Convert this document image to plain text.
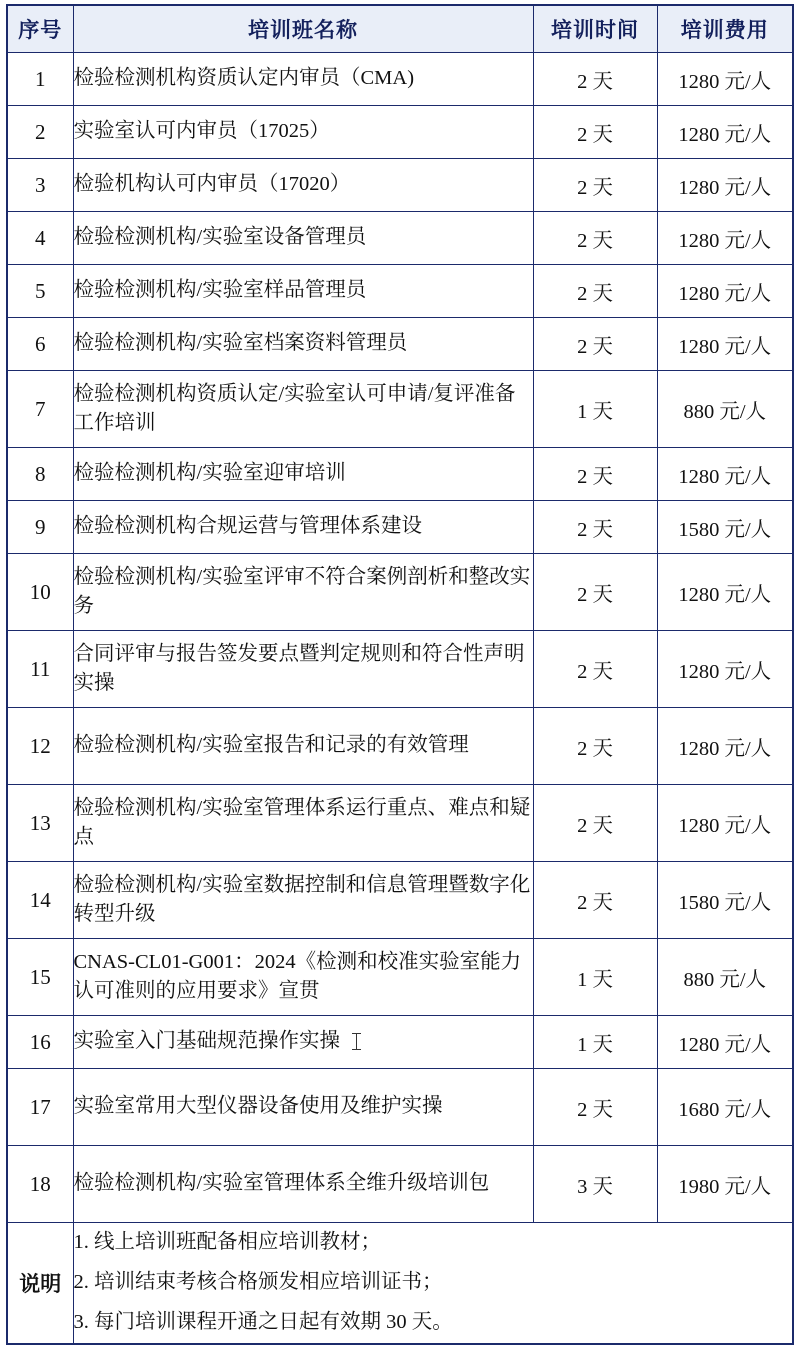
序号	培训班名称	培训时间	培训费用
1	检验检测机构资质认定内审员（CMA)	2 天	1280 元/人
2	实验室认可内审员（17025）	2 天	1280 元/人
3	检验机构认可内审员（17020）	2 天	1280 元/人
4	检验检测机构/实验室设备管理员	2 天	1280 元/人
5	检验检测机构/实验室样品管理员	2 天	1280 元/人
6	检验检测机构/实验室档案资料管理员	2 天	1280 元/人
7	检验检测机构资质认定/实验室认可申请/复评准备工作培训	1 天	880 元/人
8	检验检测机构/实验室迎审培训	2 天	1280 元/人
9	检验检测机构合规运营与管理体系建设	2 天	1580 元/人
10	检验检测机构/实验室评审不符合案例剖析和整改实务	2 天	1280 元/人
11	合同评审与报告签发要点暨判定规则和符合性声明实操	2 天	1280 元/人
12	检验检测机构/实验室报告和记录的有效管理	2 天	1280 元/人
13	检验检测机构/实验室管理体系运行重点、难点和疑点	2 天	1280 元/人
14	检验检测机构/实验室数据控制和信息管理暨数字化转型升级	2 天	1580 元/人
15	CNAS-CL01-G001：2024《检测和校准实验室能力认可准则的应用要求》宣贯	1 天	880 元/人
16	实验室入门基础规范操作实操	1 天	1280 元/人
17	实验室常用大型仪器设备使用及维护实操	2 天	1680 元/人
18	检验检测机构/实验室管理体系全维升级培训包	3 天	1980 元/人
说明	1. 线上培训班配备相应培训教材；
2. 培训结束考核合格颁发相应培训证书；
3. 每门培训课程开通之日起有效期 30 天。		
